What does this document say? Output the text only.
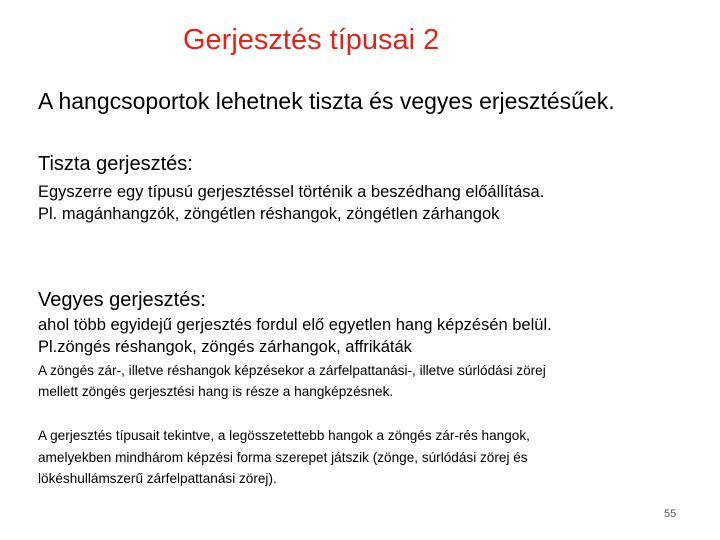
Gerjesztés típusai 2
A hangcsoportok lehetnek tiszta és vegyes erjesztésűek.
Tiszta gerjesztés:
Egyszerre egy típusú gerjesztéssel történik a beszédhang előállítása.
Pl. magánhangzók, zöngétlen réshangok, zöngétlen zárhangok
Vegyes gerjesztés:
ahol több egyidejű gerjesztés fordul elő egyetlen hang képzésén belül.
Pl.zöngés réshangok, zöngés zárhangok, affrikáták
A zöngés zár-, illetve réshangok képzésekor a zárfelpattanási-, illetve súrlódási zörej
mellett zöngés gerjesztési hang is része a hangképzésnek.
A gerjesztés típusait tekintve, a legösszetettebb hangok a zöngés zár-rés hangok,
amelyekben mindhárom képzési forma szerepet játszik (zönge, súrlódási zörej és
lökéshullámszerű zárfelpattanási zörej).
55
